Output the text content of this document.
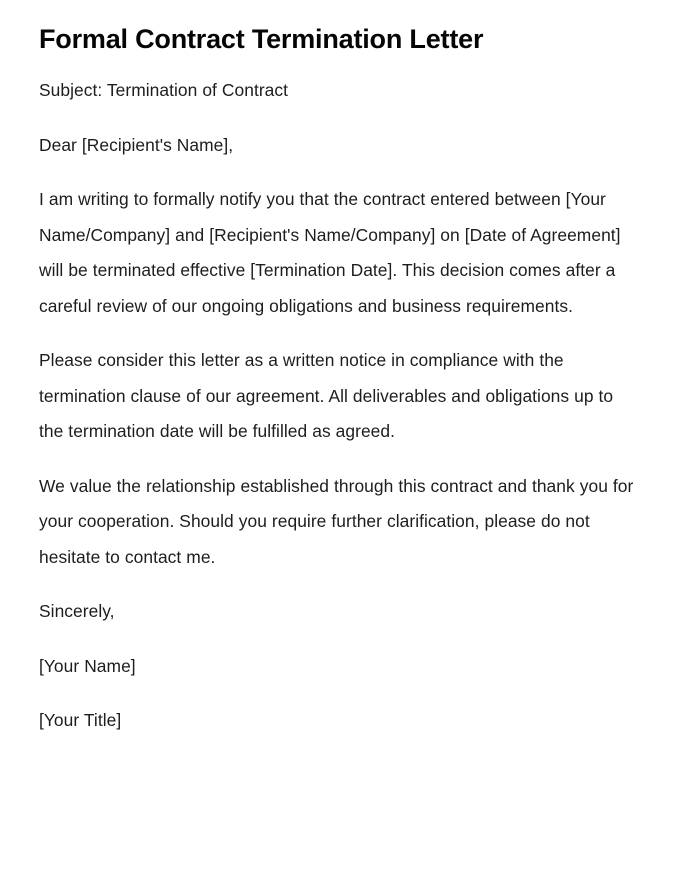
Formal Contract Termination Letter

Subject: Termination of Contract

Dear [Recipient's Name],

I am writing to formally notify you that the contract entered between [Your Name/Company] and [Recipient's Name/Company] on [Date of Agreement] will be terminated effective [Termination Date]. This decision comes after a careful review of our ongoing obligations and business requirements.

Please consider this letter as a written notice in compliance with the termination clause of our agreement. All deliverables and obligations up to the termination date will be fulfilled as agreed.

We value the relationship established through this contract and thank you for your cooperation. Should you require further clarification, please do not hesitate to contact me.

Sincerely,

[Your Name]

[Your Title]
